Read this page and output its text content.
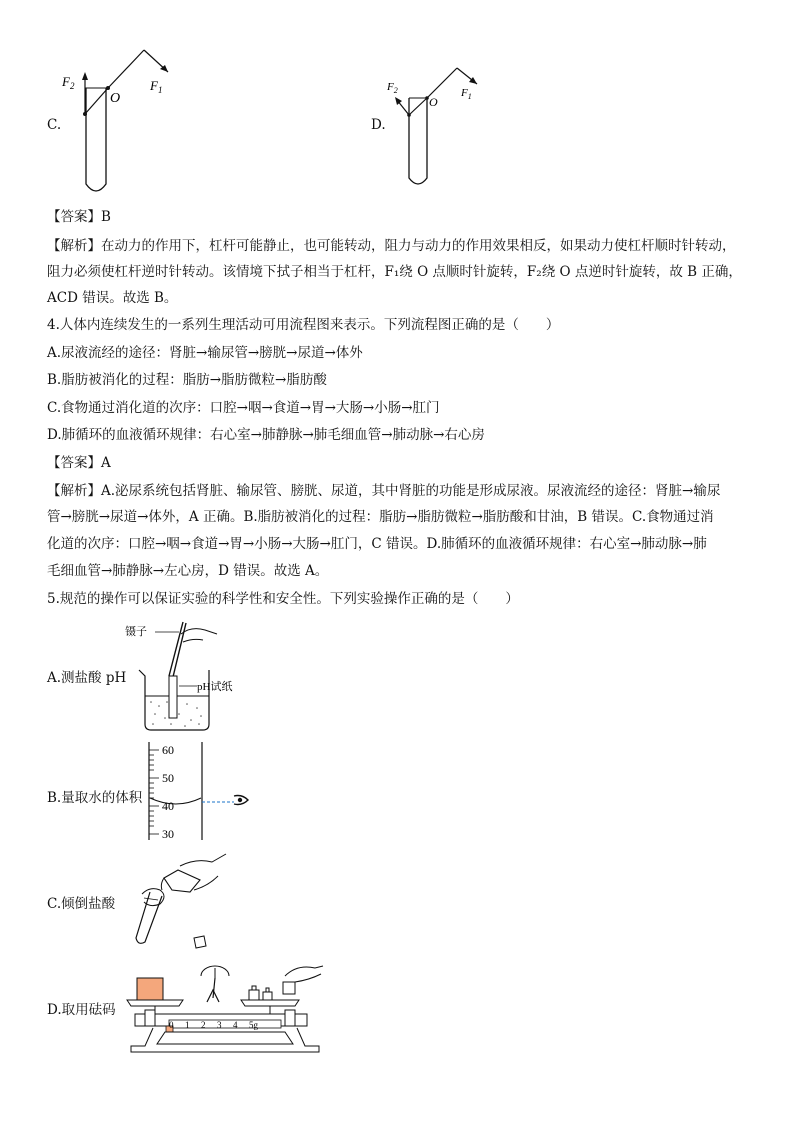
C.
$F_2$
O
$F_1$
D.
$F_2$
O
$F_1$
【答案】B
【解析】在动力的作用下，杠杆可能静止，也可能转动，阻力与动力的作用效果相反，如果动力使杠杆顺时针转动，
阻力必须使杠杆逆时针转动。该情境下拭子相当于杠杆，F₁绕 O 点顺时针旋转，F₂绕 O 点逆时针旋转，故 B 正确，
ACD 错误。故选 B。
4.人体内连续发生的一系列生理活动可用流程图来表示。下列流程图正确的是（　　）
A.尿液流经的途径：肾脏→输尿管→膀胱→尿道→体外
B.脂肪被消化的过程：脂肪→脂肪微粒→脂肪酸
C.食物通过消化道的次序：口腔→咽→食道→胃→大肠→小肠→肛门
D.肺循环的血液循环规律：右心室→肺静脉→肺毛细血管→肺动脉→右心房
【答案】A
【解析】A.泌尿系统包括肾脏、输尿管、膀胱、尿道，其中肾脏的功能是形成尿液。尿液流经的途径：肾脏→输尿
管→膀胱→尿道→体外，A 正确。B.脂肪被消化的过程：脂肪→脂肪微粒→脂肪酸和甘油，B 错误。C.食物通过消
化道的次序：口腔→咽→食道→胃→小肠→大肠→肛门，C 错误。D.肺循环的血液循环规律：右心室→肺动脉→肺
毛细血管→肺静脉→左心房，D 错误。故选 A。
5.规范的操作可以保证实验的科学性和安全性。下列实验操作正确的是（　　）
A.测盐酸 pH
镊子
pH试纸
B.量取水的体积
60
50
40
30
C.倾倒盐酸
D.取用砝码
0 1 2 3 4 5g
